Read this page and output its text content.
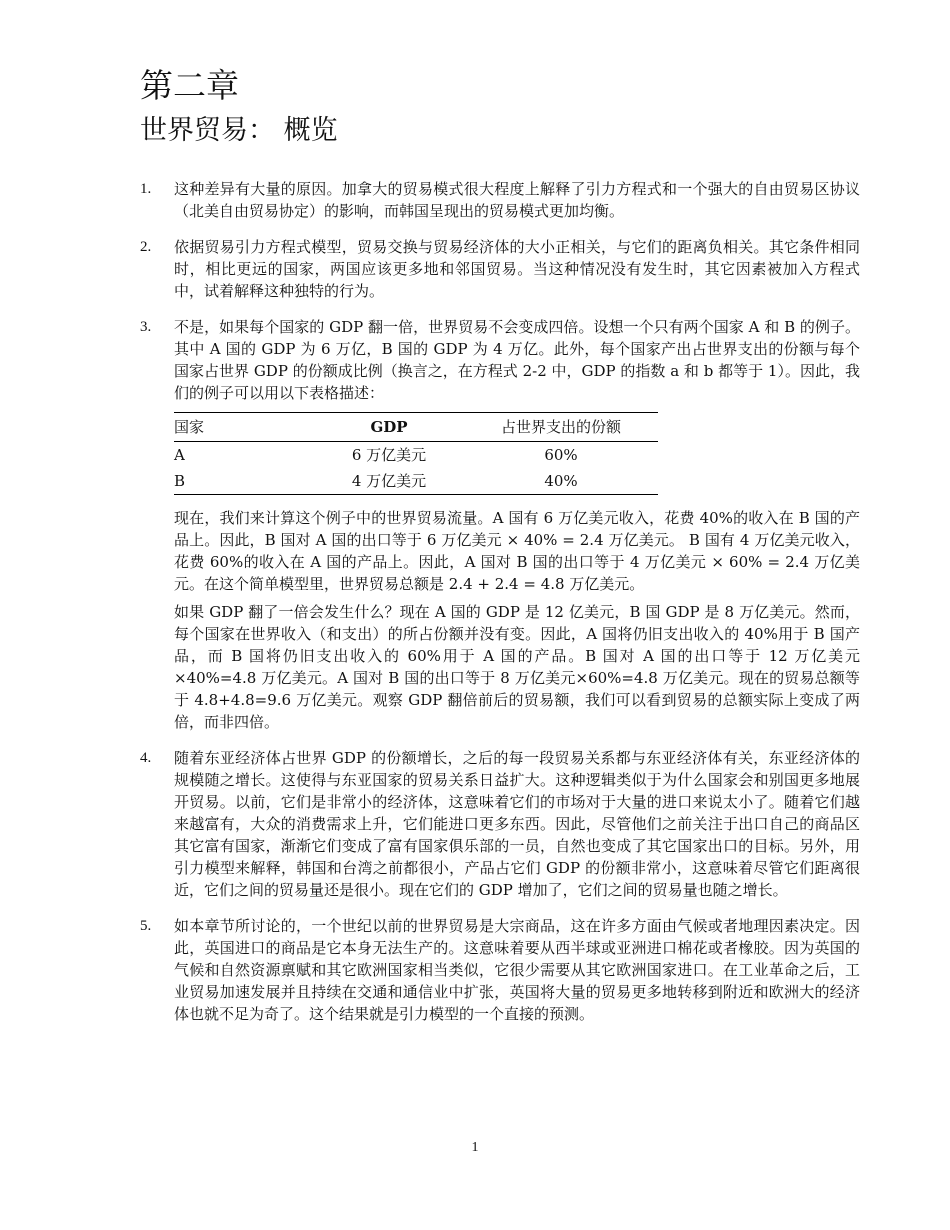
第二章
世界贸易： 概览
1. 这种差异有大量的原因。加拿大的贸易模式很大程度上解释了引力方程式和一个强大的自由贸易区协议（北美自由贸易协定）的影响，而韩国呈现出的贸易模式更加均衡。

2. 依据贸易引力方程式模型，贸易交换与贸易经济体的大小正相关，与它们的距离负相关。其它条件相同时，相比更远的国家，两国应该更多地和邻国贸易。当这种情况没有发生时，其它因素被加入方程式中，试着解释这种独特的行为。

3. 不是，如果每个国家的 GDP 翻一倍，世界贸易不会变成四倍。设想一个只有两个国家 A 和 B 的例子。其中 A 国的 GDP 为 6 万亿，B 国的 GDP 为 4 万亿。此外，每个国家产出占世界支出的份额与每个国家占世界 GDP 的份额成比例（换言之，在方程式 2-2 中，GDP 的指数 a 和 b 都等于 1）。因此，我们的例子可以用以下表格描述：

国家	GDP	占世界支出的份额
A	6 万亿美元	60%
B	4 万亿美元	40%

现在，我们来计算这个例子中的世界贸易流量。A 国有 6 万亿美元收入，花费 40%的收入在 B 国的产品上。因此，B 国对 A 国的出口等于 6 万亿美元 × 40% = 2.4 万亿美元。 B 国有 4 万亿美元收入，花费 60%的收入在 A 国的产品上。因此，A 国对 B 国的出口等于 4 万亿美元 × 60% = 2.4 万亿美元。在这个简单模型里，世界贸易总额是 2.4 + 2.4 = 4.8 万亿美元。

如果 GDP 翻了一倍会发生什么？现在 A 国的 GDP 是 12 亿美元，B 国 GDP 是 8 万亿美元。然而，每个国家在世界收入（和支出）的所占份额并没有变。因此，A 国将仍旧支出收入的 40%用于 B 国产品，而 B 国将仍旧支出收入的 60%用于 A 国的产品。B 国对 A 国的出口等于 12 万亿美元×40%=4.8 万亿美元。A 国对 B 国的出口等于 8 万亿美元×60%=4.8 万亿美元。现在的贸易总额等于 4.8+4.8=9.6 万亿美元。观察 GDP 翻倍前后的贸易额，我们可以看到贸易的总额实际上变成了两倍，而非四倍。

4. 随着东亚经济体占世界 GDP 的份额增长，之后的每一段贸易关系都与东亚经济体有关，东亚经济体的规模随之增长。这使得与东亚国家的贸易关系日益扩大。这种逻辑类似于为什么国家会和别国更多地展开贸易。以前，它们是非常小的经济体，这意味着它们的市场对于大量的进口来说太小了。随着它们越来越富有，大众的消费需求上升，它们能进口更多东西。因此，尽管他们之前关注于出口自己的商品区其它富有国家，渐渐它们变成了富有国家俱乐部的一员，自然也变成了其它国家出口的目标。另外，用引力模型来解释，韩国和台湾之前都很小，产品占它们 GDP 的份额非常小，这意味着尽管它们距离很近，它们之间的贸易量还是很小。现在它们的 GDP 增加了，它们之间的贸易量也随之增长。

5. 如本章节所讨论的，一个世纪以前的世界贸易是大宗商品，这在许多方面由气候或者地理因素决定。因此，英国进口的商品是它本身无法生产的。这意味着要从西半球或亚洲进口棉花或者橡胶。因为英国的气候和自然资源禀赋和其它欧洲国家相当类似，它很少需要从其它欧洲国家进口。在工业革命之后，工业贸易加速发展并且持续在交通和通信业中扩张，英国将大量的贸易更多地转移到附近和欧洲大的经济体也就不足为奇了。这个结果就是引力模型的一个直接的预测。

1
